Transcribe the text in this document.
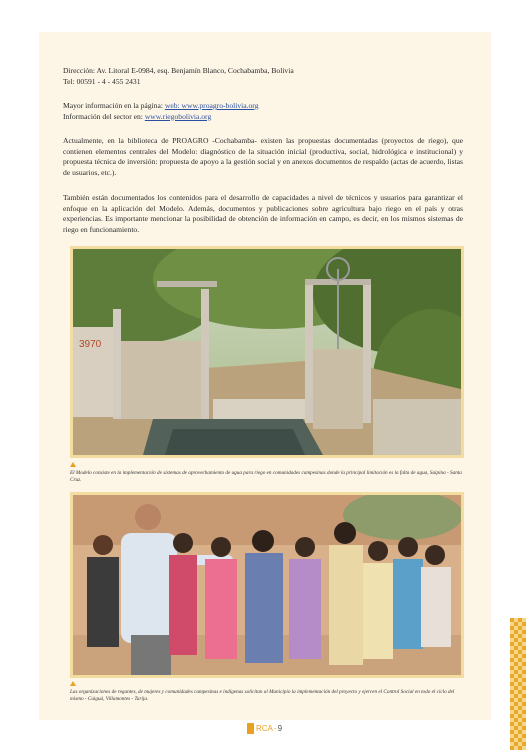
Dirección: Av. Litoral E-0984, esq. Benjamín Blanco, Cochabamba, Bolivia

Tel: 00591 - 4 - 455 2431

Mayor información en la página: web: www.proagro-bolivia.org

Información del sector en: www.riegobolivia.org

Actualmente, en la biblioteca de PROAGRO -Cochabamba- existen las propuestas documentadas (proyectos de riego), que contienen elementos centrales del Modelo: diagnóstico de la situación inicial (productiva, social, hidrológica e institucional) y propuesta técnica de inversión: propuesta de apoyo a la gestión social y en anexos documentos de respaldo (actas de acuerdo, listas de usuarios, etc.).

También están documentados los contenidos para el desarrollo de capacidades a nivel de técnicos y usuarios para garantizar el enfoque en la aplicación del Modelo. Además, documentos y publicaciones sobre agricultura bajo riego en el país y otras experiencias. Es importante mencionar la posibilidad de obtención de información en campo, es decir, en los mismos sistemas de riego en funcionamiento.

3970
El Modelo consiste en la implementación de sistemas de aprovechamiento de agua para riego en comunidades campesinas donde la principal limitación es la falta de agua, Saipina - Santa Cruz.
Las organizaciones de regantes, de mujeres y comunidades campesinas e indígenas solicitan al Municipio la implementación del proyecto y ejercen el Control Social en todo el ciclo del mismo - Caiguá, Villamontes - Tarija.
RCA - 9
